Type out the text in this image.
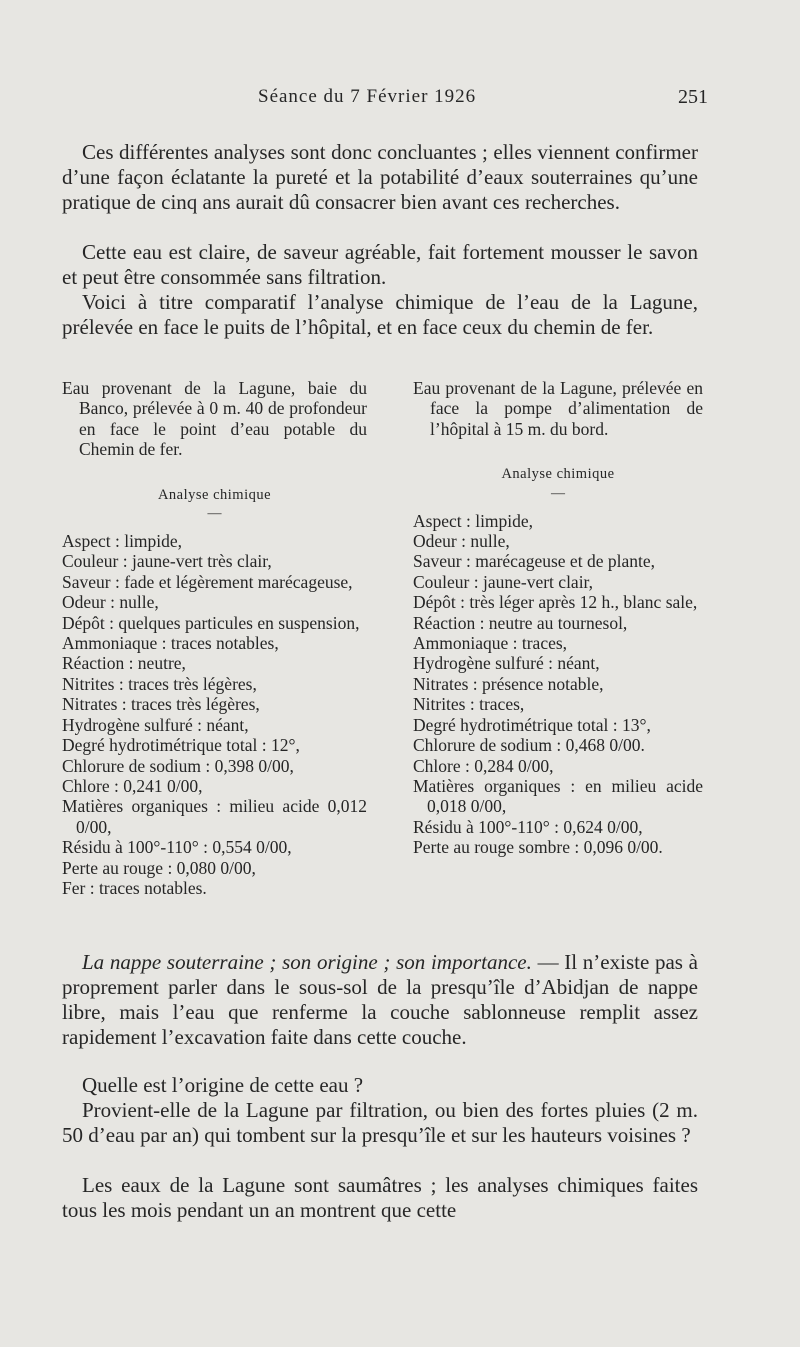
Séance du 7 Février 1926	251

Ces différentes analyses sont donc concluantes ; elles viennent confirmer d’une façon éclatante la pureté et la potabilité d’eaux souterraines qu’une pratique de cinq ans aurait dû consacrer bien avant ces recherches.

Cette eau est claire, de saveur agréable, fait fortement mousser le savon et peut être consommée sans filtration.

Voici à titre comparatif l’analyse chimique de l’eau de la Lagune, prélevée en face le puits de l’hôpital, et en face ceux du chemin de fer.

Eau provenant de la Lagune, baie du Banco, prélevée à 0 m. 40 de profondeur en face le point d’eau potable du Chemin de fer.

Analyse chimique
—
Aspect : limpide,
Couleur : jaune-vert très clair,
Saveur : fade et légèrement marécageuse,
Odeur : nulle,
Dépôt : quelques particules en suspension,
Ammoniaque : traces notables,
Réaction : neutre,
Nitrites : traces très légères,
Nitrates : traces très légères,
Hydrogène sulfuré : néant,
Degré hydrotimétrique total : 12°,
Chlorure de sodium : 0,398 0/00,
Chlore : 0,241 0/00,
Matières organiques : milieu acide 0,012 0/00,
Résidu à 100°-110° : 0,554 0/00,
Perte au rouge : 0,080 0/00,
Fer : traces notables.

Eau provenant de la Lagune, prélevée en face la pompe d’alimentation de l’hôpital à 15 m. du bord.

Analyse chimique
—
Aspect : limpide,
Odeur : nulle,
Saveur : marécageuse et de plante,
Couleur : jaune-vert clair,
Dépôt : très léger après 12 h., blanc sale,
Réaction : neutre au tournesol,
Ammoniaque : traces,
Hydrogène sulfuré : néant,
Nitrates : présence notable,
Nitrites : traces,
Degré hydrotimétrique total : 13°,
Chlorure de sodium : 0,468 0/00.
Chlore : 0,284 0/00,
Matières organiques : en milieu acide 0,018 0/00,
Résidu à 100°-110° : 0,624 0/00,
Perte au rouge sombre : 0,096 0/00.

La nappe souterraine ; son origine ; son importance. — Il n’existe pas à proprement parler dans le sous-sol de la presqu’île d’Abidjan de nappe libre, mais l’eau que renferme la couche sablonneuse remplit assez rapidement l’excavation faite dans cette couche.

Quelle est l’origine de cette eau ?

Provient-elle de la Lagune par filtration, ou bien des fortes pluies (2 m. 50 d’eau par an) qui tombent sur la presqu’île et sur les hauteurs voisines ?

Les eaux de la Lagune sont saumâtres ; les analyses chimiques faites tous les mois pendant un an montrent que cette
